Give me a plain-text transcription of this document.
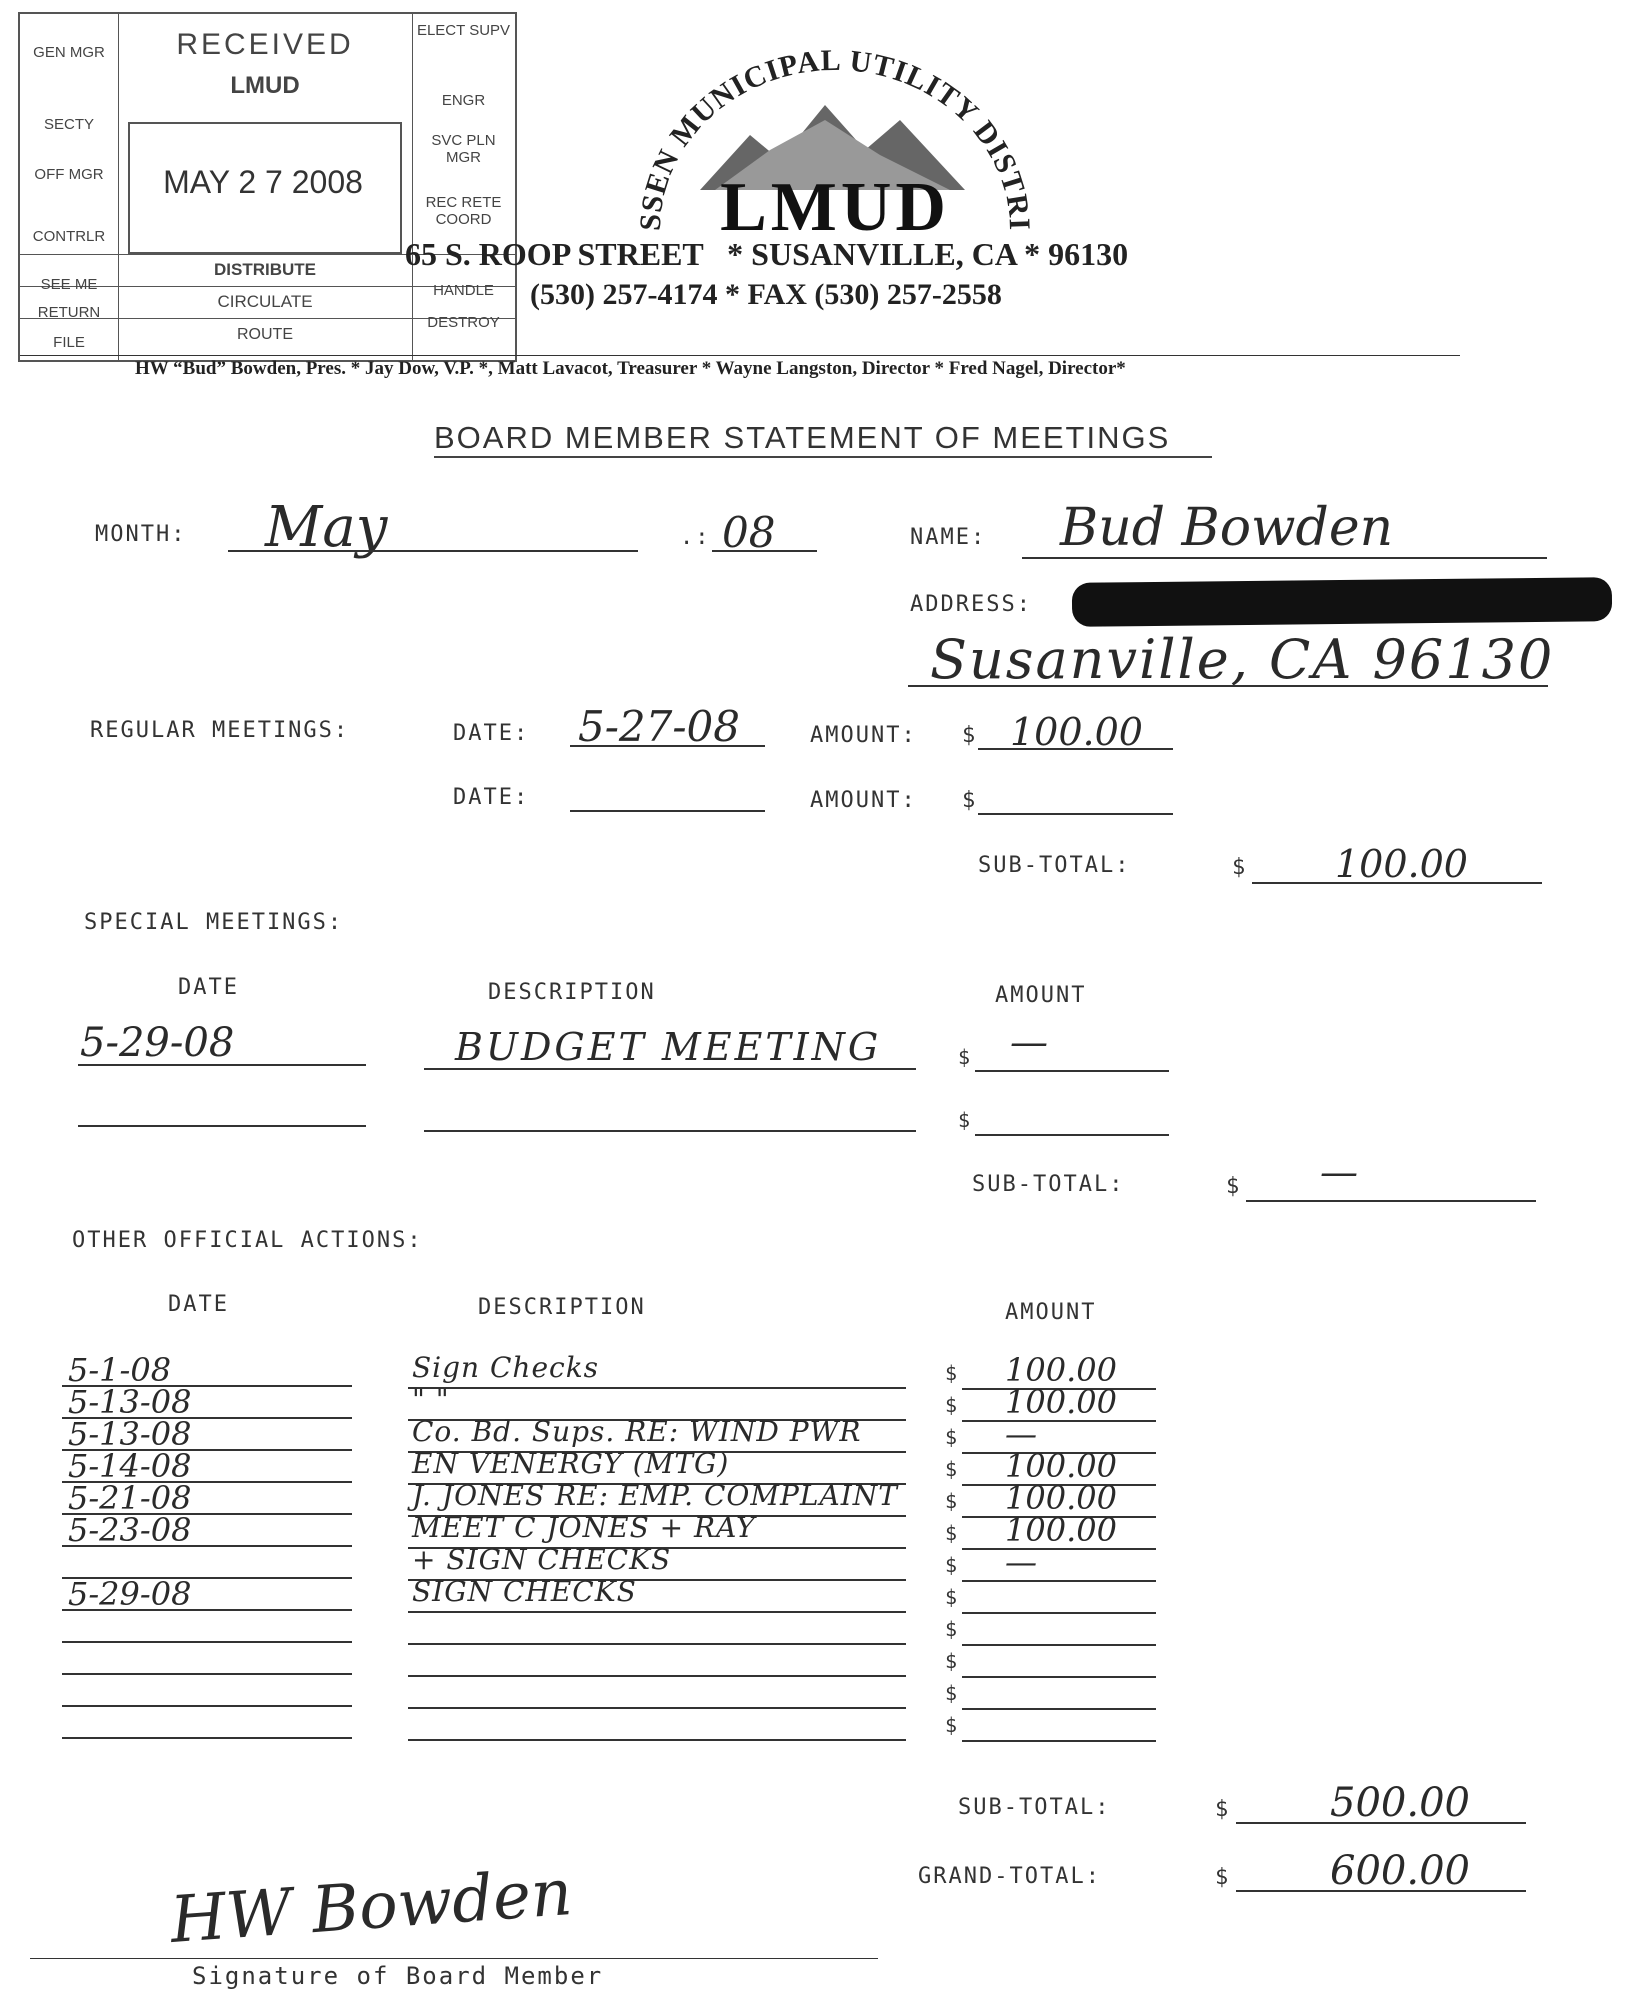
GEN MGR
SECTY
OFF MGR
CONTRLR
SEE ME
RETURN
FILE
ELECT SUPV
ENGR
SVC PLN MGR
REC RETE COORD
HANDLE
DESTROY
RECEIVED
LMUD
MAY 2 7 2008
DISTRIBUTE
CIRCULATE
ROUTE
SSEN MUNICIPAL UTILITY DISTRI
LMUD
65 S. ROOP STREET   * SUSANVILLE, CA * 96130
(530) 257-4174 * FAX (530) 257-2558
HW “Bud” Bowden, Pres. * Jay Dow, V.P. *, Matt Lavacot, Treasurer * Wayne Langston, Director * Fred Nagel, Director*
BOARD MEMBER STATEMENT OF MEETINGS
MONTH: May	.: 08	NAME: Bud Bowden
ADDRESS:
Susanville, CA 96130
REGULAR MEETINGS:	DATE: 5-27-08	AMOUNT: $ 100.00
DATE:	AMOUNT: $
SUB-TOTAL:	$ 100.00
SPECIAL MEETINGS:
DATE	DESCRIPTION	AMOUNT
5-29-08	BUDGET MEETING	$ —
$
SUB-TOTAL:	$ —
OTHER OFFICIAL ACTIONS:
DATE	DESCRIPTION	AMOUNT
5-1-08	Sign Checks	$ 100.00
5-13-08	" "	$ 100.00
5-13-08	Co. Bd. Sups. RE: WIND PWR	$ —
5-14-08	EN VENERGY (MTG)	$ 100.00
5-21-08	J. JONES RE: EMP. COMPLAINT $ 100.00
5-23-08	MEET C JONES + RAY	$ 100.00
+ SIGN CHECKS	$ —
5-29-08	SIGN CHECKS	$
$
$
$
$
SUB-TOTAL:	$	500.00
GRAND-TOTAL:	$	600.00
HW Bowden
Signature of Board Member
